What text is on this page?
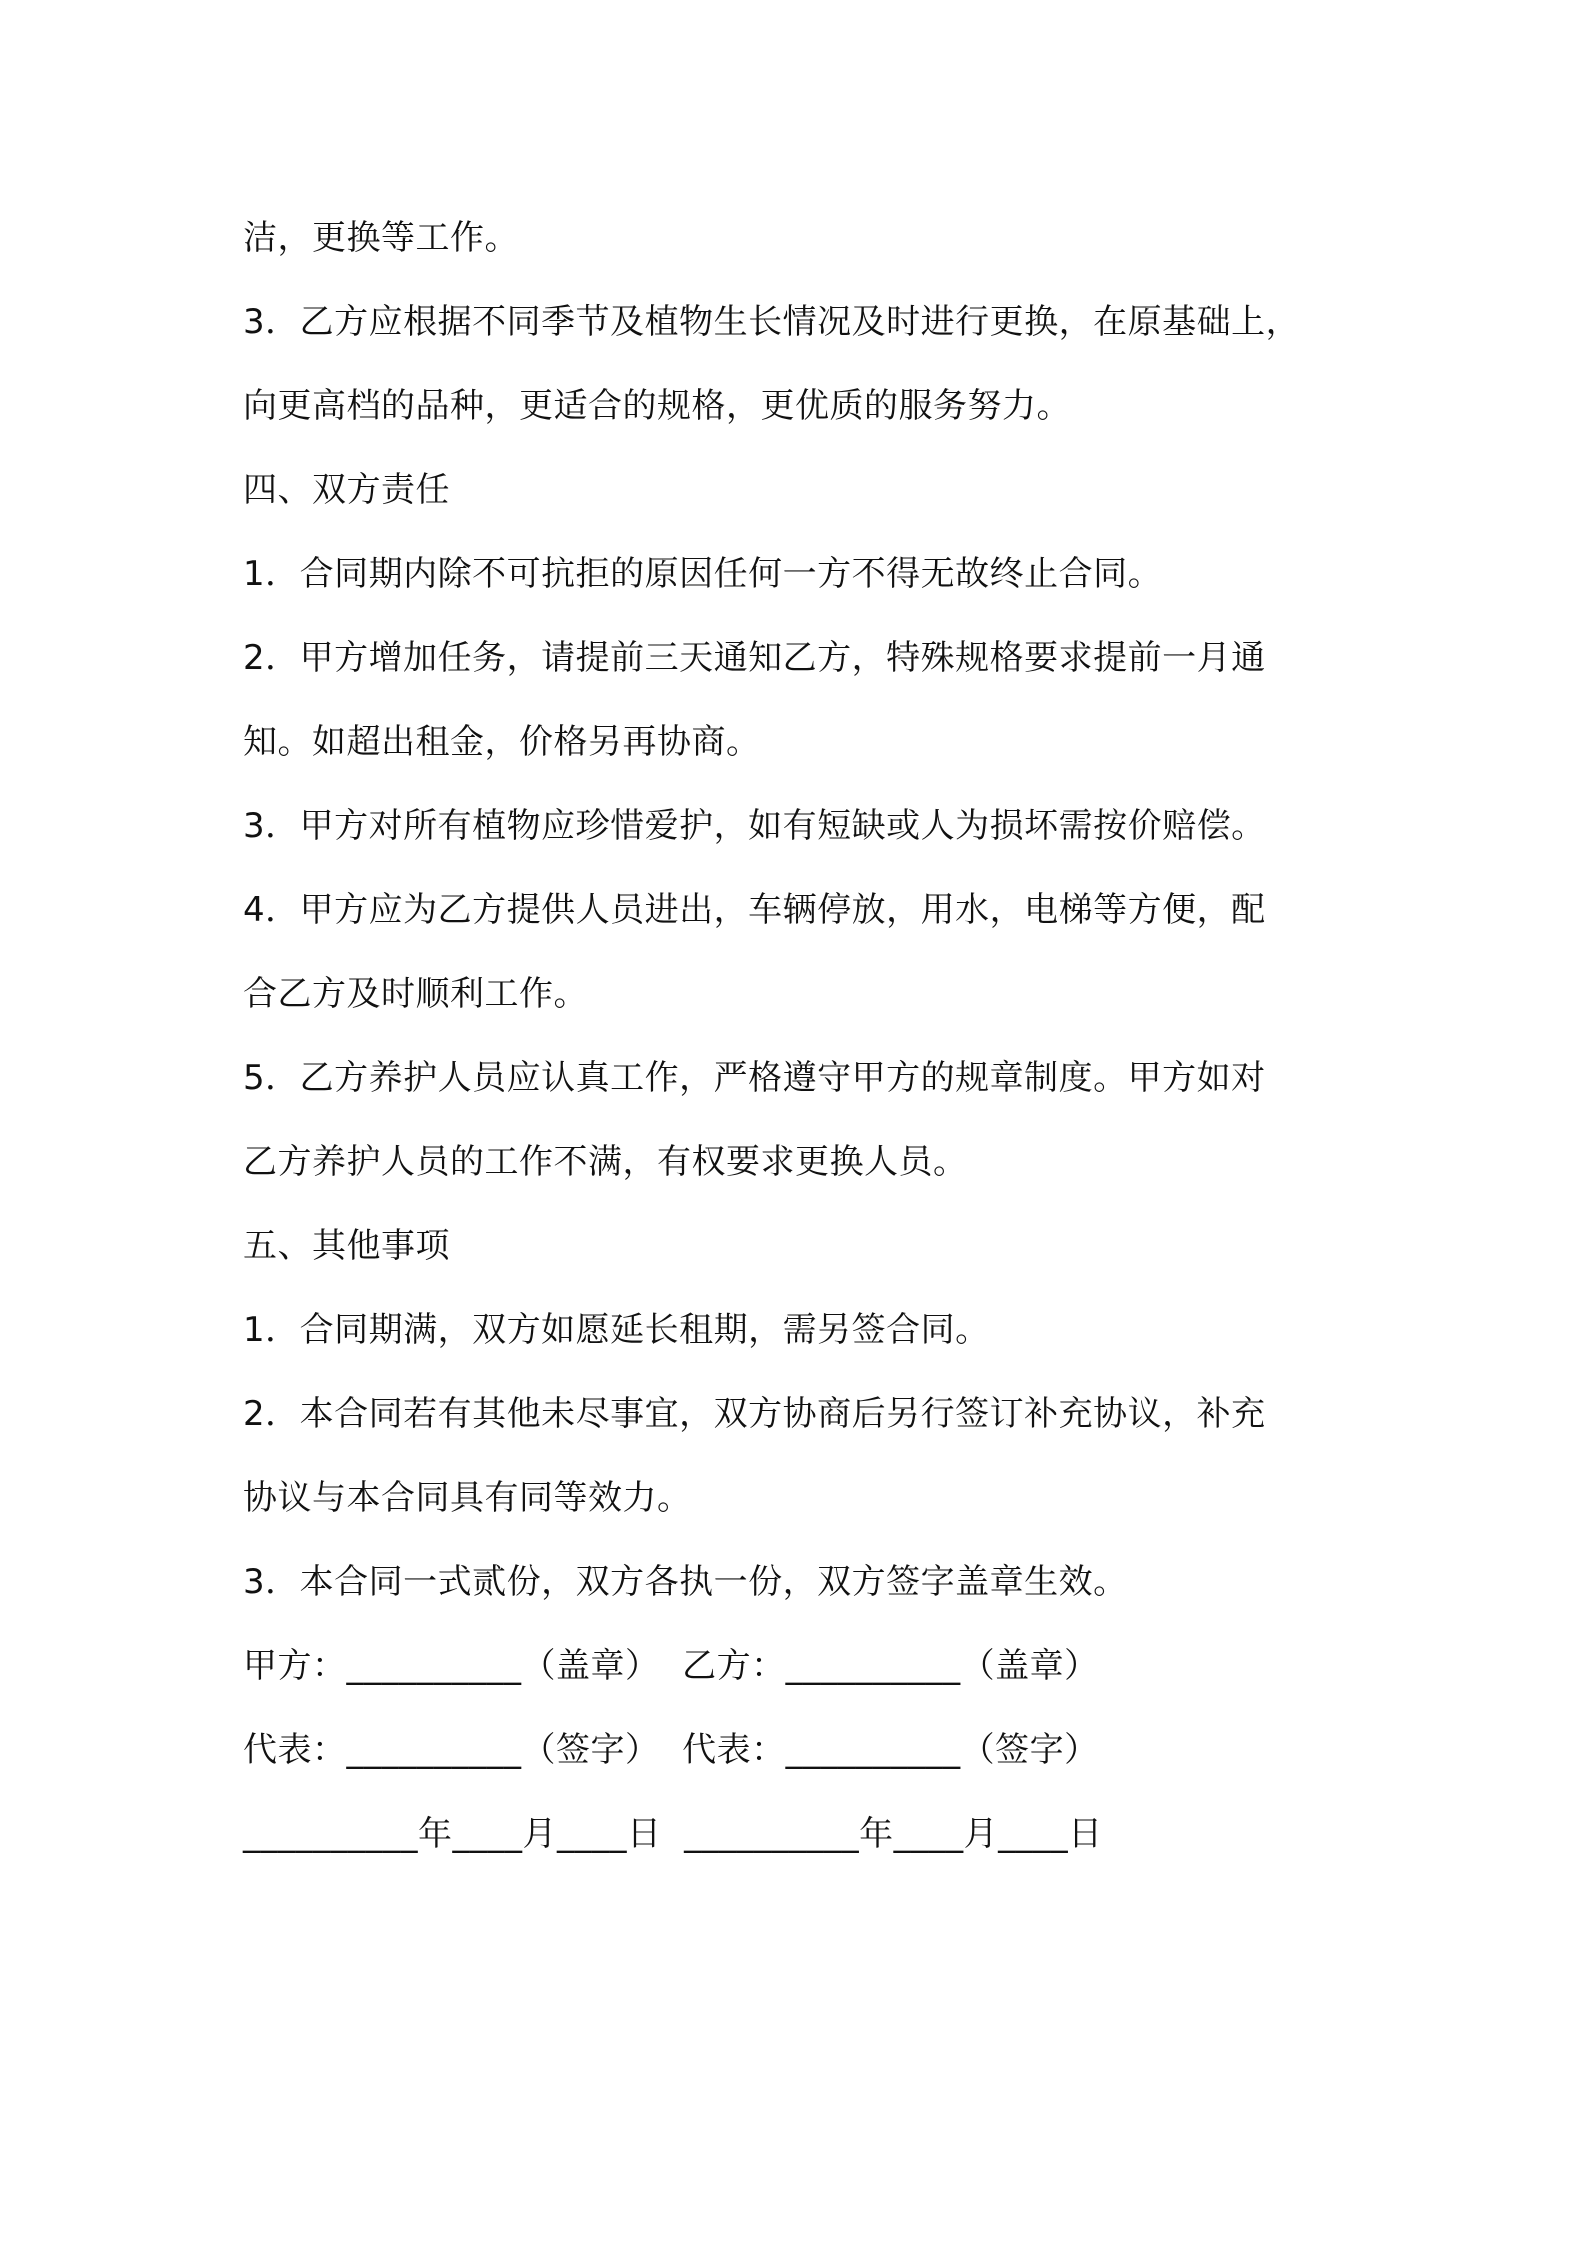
洁，更换等工作。
3．乙方应根据不同季节及植物生长情况及时进行更换，在原基础上，
向更高档的品种，更适合的规格，更优质的服务努力。
四、双方责任
1．合同期内除不可抗拒的原因任何一方不得无故终止合同。
2．甲方增加任务，请提前三天通知乙方，特殊规格要求提前一月通
知。如超出租金，价格另再协商。
3．甲方对所有植物应珍惜爱护，如有短缺或人为损坏需按价赔偿。
4．甲方应为乙方提供人员进出，车辆停放，用水，电梯等方便，配
合乙方及时顺利工作。
5．乙方养护人员应认真工作，严格遵守甲方的规章制度。甲方如对
乙方养护人员的工作不满，有权要求更换人员。
五、其他事项
1．合同期满，双方如愿延长租期，需另签合同。
2．本合同若有其他未尽事宜，双方协商后另行签订补充协议，补充
协议与本合同具有同等效力。
3．本合同一式贰份，双方各执一份，双方签字盖章生效。
甲方：__________（盖章）  乙方：__________（盖章）
代表：__________（签字）  代表：__________（签字）
__________年____月____日  __________年____月____日
